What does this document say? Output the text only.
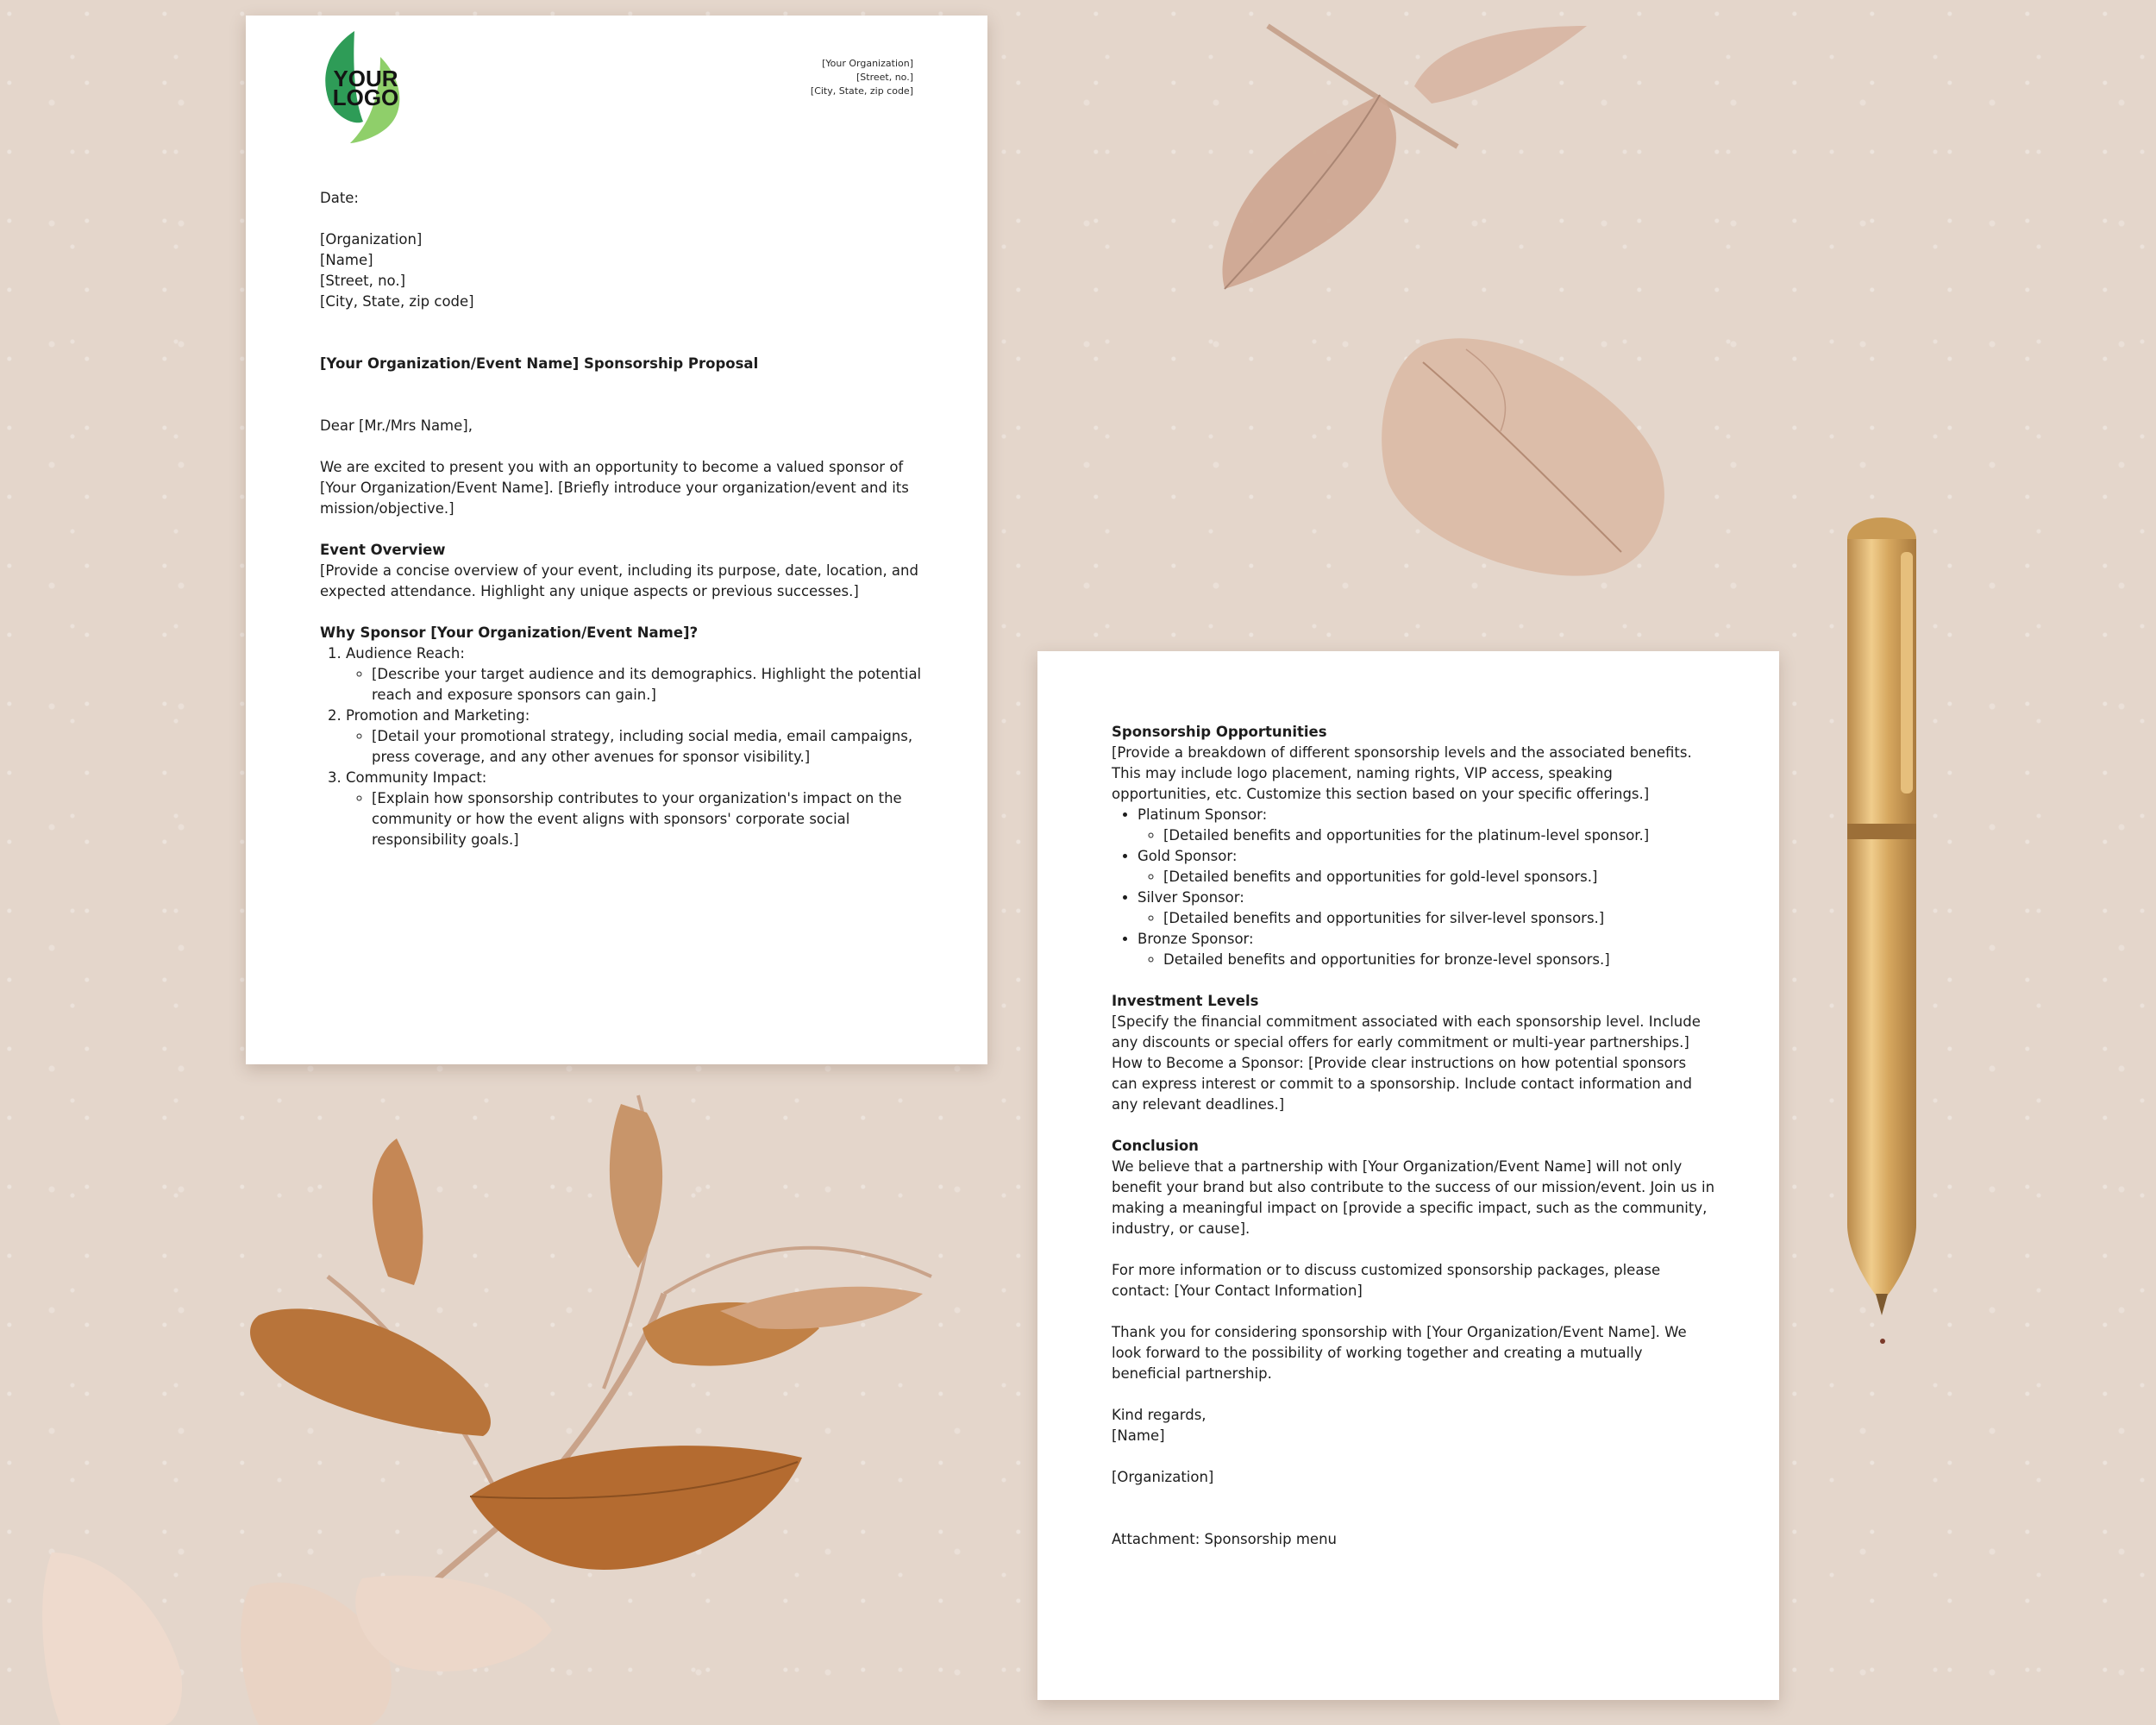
YOUR
LOGO
[Your Organization]
[Street, no.]
[City, State, zip code]

Date:

[Organization]

[Name]

[Street, no.]

[City, State, zip code]

[Your Organization/Event Name] Sponsorship Proposal

Dear [Mr./Mrs Name],

We are excited to present you with an opportunity to become a valued sponsor of [Your Organization/Event Name]. [Briefly introduce your organization/event and its mission/objective.]

Event Overview

[Provide a concise overview of your event, including its purpose, date, location, and expected attendance. Highlight any unique aspects or previous successes.]

Why Sponsor [Your Organization/Event Name]?

1. Audience Reach:
◦ [Describe your target audience and its demographics. Highlight the potential reach and exposure sponsors can gain.]
2. Promotion and Marketing:
◦ [Detail your promotional strategy, including social media, email campaigns, press coverage, and any other avenues for sponsor visibility.]
3. Community Impact:
◦ [Explain how sponsorship contributes to your organization's impact on the community or how the event aligns with sponsors' corporate social responsibility goals.]

Sponsorship Opportunities

[Provide a breakdown of different sponsorship levels and the associated benefits. This may include logo placement, naming rights, VIP access, speaking opportunities, etc. Customize this section based on your specific offerings.]

• Platinum Sponsor:
◦ [Detailed benefits and opportunities for the platinum-level sponsor.]
• Gold Sponsor:
◦ [Detailed benefits and opportunities for gold-level sponsors.]
• Silver Sponsor:
◦ [Detailed benefits and opportunities for silver-level sponsors.]
• Bronze Sponsor:
◦ Detailed benefits and opportunities for bronze-level sponsors.]

Investment Levels

[Specify the financial commitment associated with each sponsorship level. Include any discounts or special offers for early commitment or multi-year partnerships.]

How to Become a Sponsor: [Provide clear instructions on how potential sponsors can express interest or commit to a sponsorship. Include contact information and any relevant deadlines.]

Conclusion

We believe that a partnership with [Your Organization/Event Name] will not only benefit your brand but also contribute to the success of our mission/event. Join us in making a meaningful impact on [provide a specific impact, such as the community, industry, or cause].

For more information or to discuss customized sponsorship packages, please contact: [Your Contact Information]

Thank you for considering sponsorship with [Your Organization/Event Name]. We look forward to the possibility of working together and creating a mutually beneficial partnership.

Kind regards,

[Name]

[Organization]

Attachment: Sponsorship menu
